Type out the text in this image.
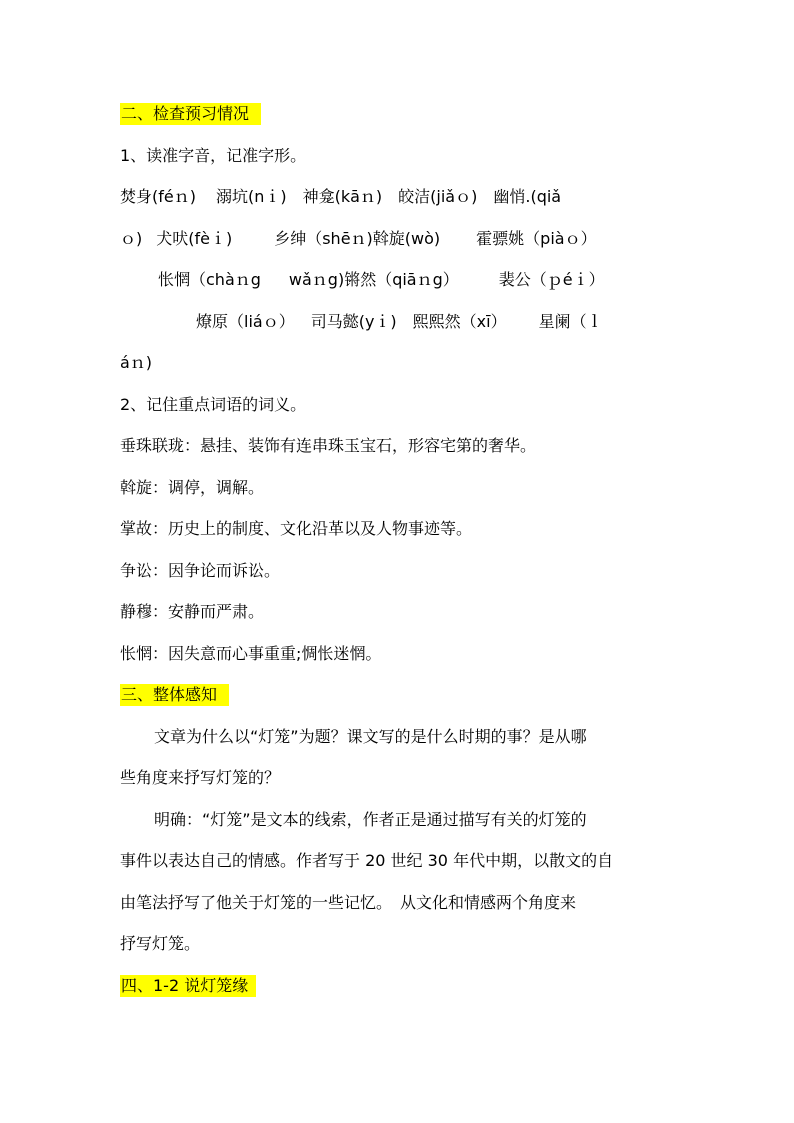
二、检查预习情况
1、读准字音，记准字形。
焚身(féｎ) 溺坑(nｉ) 神龛(kāｎ) 皎洁(jiǎｏ) 幽悄.(qiǎ
ｏ) 犬吠(fèｉ)	乡绅（shēｎ)斡旋(wò) 霍骠姚（piàｏ）
怅惘（chàｎg wǎｎg)锵然（qiāｎg）	裴公（ｐéｉ）
燎原（liáｏ） 司马懿(yｉ) 熙熙然（xī） 星阑（ｌ
áｎ)
2、记住重点词语的词义。
垂珠联珑：悬挂、装饰有连串珠玉宝石，形容宅第的奢华。
斡旋：调停，调解。
掌故：历史上的制度、文化沿革以及人物事迹等。
争讼：因争论而诉讼。
静穆：安静而严肃。
怅惘：因失意而心事重重;惆怅迷惘。
三、整体感知
文章为什么以“灯笼”为题？课文写的是什么时期的事？是从哪
些角度来抒写灯笼的？
明确：“灯笼”是文本的线索，作者正是通过描写有关的灯笼的
事件以表达自己的情感。作者写于 20 世纪 30 年代中期，以散文的自
由笔法抒写了他关于灯笼的一些记忆。　从文化和情感两个角度来
抒写灯笼。
四、1-2 说灯笼缘
